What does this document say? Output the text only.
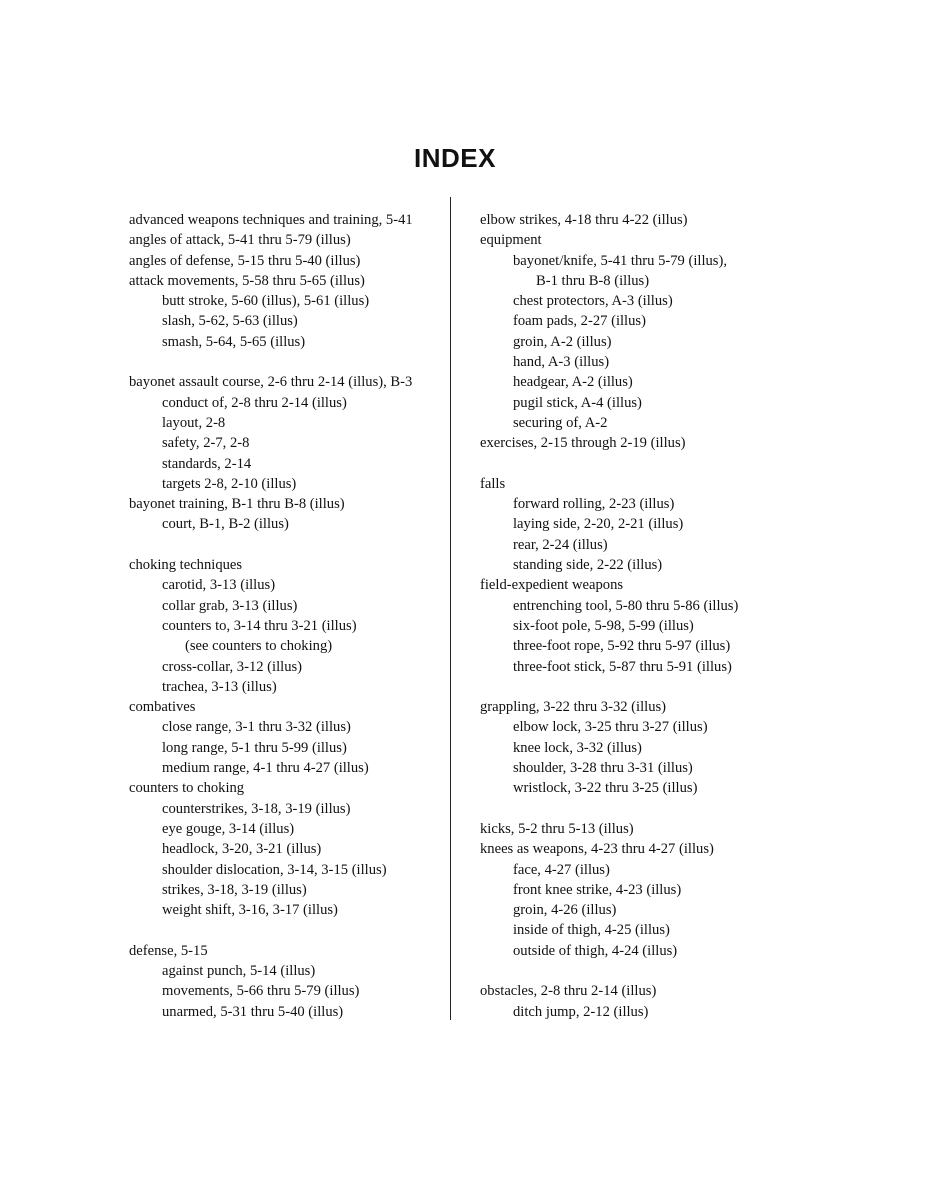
INDEX
advanced weapons techniques and training, 5-41
angles of attack, 5-41 thru 5-79 (illus)
angles of defense, 5-15 thru 5-40 (illus)
attack movements, 5-58 thru 5-65 (illus)
butt stroke, 5-60 (illus), 5-61 (illus)
slash, 5-62, 5-63 (illus)
smash, 5-64, 5-65 (illus)
bayonet assault course, 2-6 thru 2-14 (illus), B-3
conduct of, 2-8 thru 2-14 (illus)
layout, 2-8
safety, 2-7, 2-8
standards, 2-14
targets 2-8, 2-10 (illus)
bayonet training, B-1 thru B-8 (illus)
court, B-1, B-2 (illus)
choking techniques
carotid, 3-13 (illus)
collar grab, 3-13 (illus)
counters to, 3-14 thru 3-21 (illus)
(see counters to choking)
cross-collar, 3-12 (illus)
trachea, 3-13 (illus)
combatives
close range, 3-1 thru 3-32 (illus)
long range, 5-1 thru 5-99 (illus)
medium range, 4-1 thru 4-27 (illus)
counters to choking
counterstrikes, 3-18, 3-19 (illus)
eye gouge, 3-14 (illus)
headlock, 3-20, 3-21 (illus)
shoulder dislocation, 3-14, 3-15 (illus)
strikes, 3-18, 3-19 (illus)
weight shift, 3-16, 3-17 (illus)
defense, 5-15
against punch, 5-14 (illus)
movements, 5-66 thru 5-79 (illus)
unarmed, 5-31 thru 5-40 (illus)
elbow strikes, 4-18 thru 4-22 (illus)
equipment
bayonet/knife, 5-41 thru 5-79 (illus),
B-1 thru B-8 (illus)
chest protectors, A-3 (illus)
foam pads, 2-27 (illus)
groin, A-2 (illus)
hand, A-3 (illus)
headgear, A-2 (illus)
pugil stick, A-4 (illus)
securing of, A-2
exercises, 2-15 through 2-19 (illus)
falls
forward rolling, 2-23 (illus)
laying side, 2-20, 2-21 (illus)
rear, 2-24 (illus)
standing side, 2-22 (illus)
field-expedient weapons
entrenching tool, 5-80 thru 5-86 (illus)
six-foot pole, 5-98, 5-99 (illus)
three-foot rope, 5-92 thru 5-97 (illus)
three-foot stick, 5-87 thru 5-91 (illus)
grappling, 3-22 thru 3-32 (illus)
elbow lock, 3-25 thru 3-27 (illus)
knee lock, 3-32 (illus)
shoulder, 3-28 thru 3-31 (illus)
wristlock, 3-22 thru 3-25 (illus)
kicks, 5-2 thru 5-13 (illus)
knees as weapons, 4-23 thru 4-27 (illus)
face, 4-27 (illus)
front knee strike, 4-23 (illus)
groin, 4-26 (illus)
inside of thigh, 4-25 (illus)
outside of thigh, 4-24 (illus)
obstacles, 2-8 thru 2-14 (illus)
ditch jump, 2-12 (illus)
